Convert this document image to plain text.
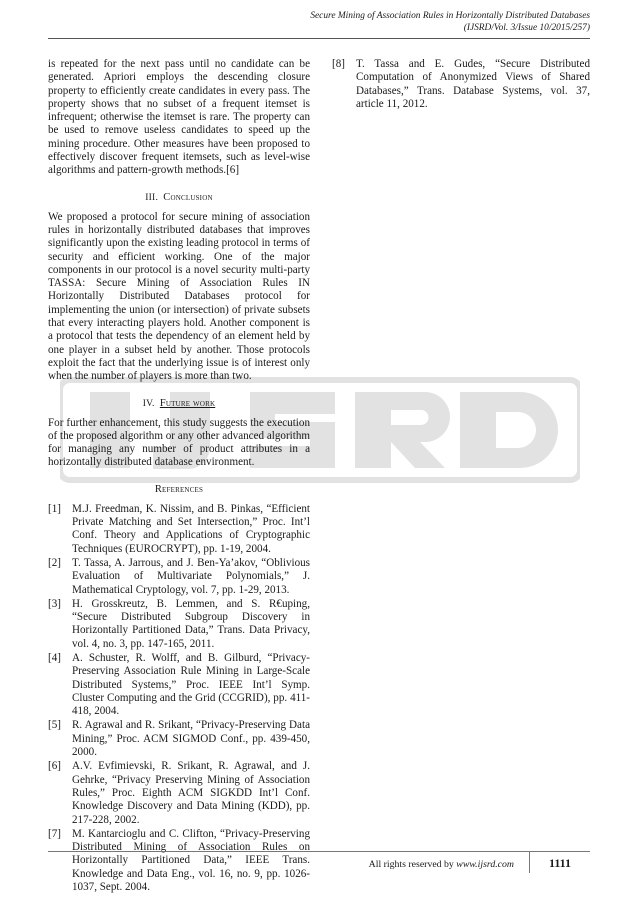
Secure Mining of Association Rules in Horizontally Distributed Databases
(IJSRD/Vol. 3/Issue 10/2015/257)

is repeated for the next pass until no candidate can be generated. Apriori employs the descending closure property to efficiently create candidates in every pass. The property shows that no subset of a frequent itemset is infrequent; otherwise the itemset is rare. The property can be used to remove useless candidates to speed up the mining procedure. Other measures have been proposed to effectively discover frequent itemsets, such as level-wise algorithms and pattern-growth methods.[6]

III. Conclusion

We proposed a protocol for secure mining of association rules in horizontally distributed databases that improves significantly upon the existing leading protocol in terms of security and efficient working. One of the major components in our protocol is a novel security multi-party TASSA: Secure Mining of Association Rules IN Horizontally Distributed Databases protocol for implementing the union (or intersection) of private subsets that every interacting players hold. Another component is a protocol that tests the dependency of an element held by one player in a subset held by another. Those protocols exploit the fact that the underlying issue is of interest only when the number of players is more than two.

IV. Future work

For further enhancement, this study suggests the execution of the proposed algorithm or any other advanced algorithm for managing any number of product attributes in a horizontally distributed database environment.

References
[1] M.J. Freedman, K. Nissim, and B. Pinkas, “Efficient Private Matching and Set Intersection,” Proc. Int’l Conf. Theory and Applications of Cryptographic Techniques (EUROCRYPT), pp. 1-19, 2004.
[2] T. Tassa, A. Jarrous, and J. Ben-Ya’akov, “Oblivious Evaluation of Multivariate Polynomials,” J. Mathematical Cryptology, vol. 7, pp. 1-29, 2013.
[3] H. Grosskreutz, B. Lemmen, and S. R€uping, “Secure Distributed Subgroup Discovery in Horizontally Partitioned Data,” Trans. Data Privacy, vol. 4, no. 3, pp. 147-165, 2011.
[4] A. Schuster, R. Wolff, and B. Gilburd, “Privacy-Preserving Association Rule Mining in Large-Scale Distributed Systems,” Proc. IEEE Int’l Symp. Cluster Computing and the Grid (CCGRID), pp. 411-418, 2004.
[5] R. Agrawal and R. Srikant, “Privacy-Preserving Data Mining,” Proc. ACM SIGMOD Conf., pp. 439-450, 2000.
[6] A.V. Evfimievski, R. Srikant, R. Agrawal, and J. Gehrke, “Privacy Preserving Mining of Association Rules,” Proc. Eighth ACM SIGKDD Int’l Conf. Knowledge Discovery and Data Mining (KDD), pp. 217-228, 2002.
[7] M. Kantarcioglu and C. Clifton, “Privacy-Preserving Distributed Mining of Association Rules on Horizontally Partitioned Data,” IEEE Trans. Knowledge and Data Eng., vol. 16, no. 9, pp. 1026-1037, Sept. 2004.
[8] T. Tassa and E. Gudes, “Secure Distributed Computation of Anonymized Views of Shared Databases,” Trans. Database Systems, vol. 37, article 11, 2012.
All rights reserved by www.ijsrd.com	1111
